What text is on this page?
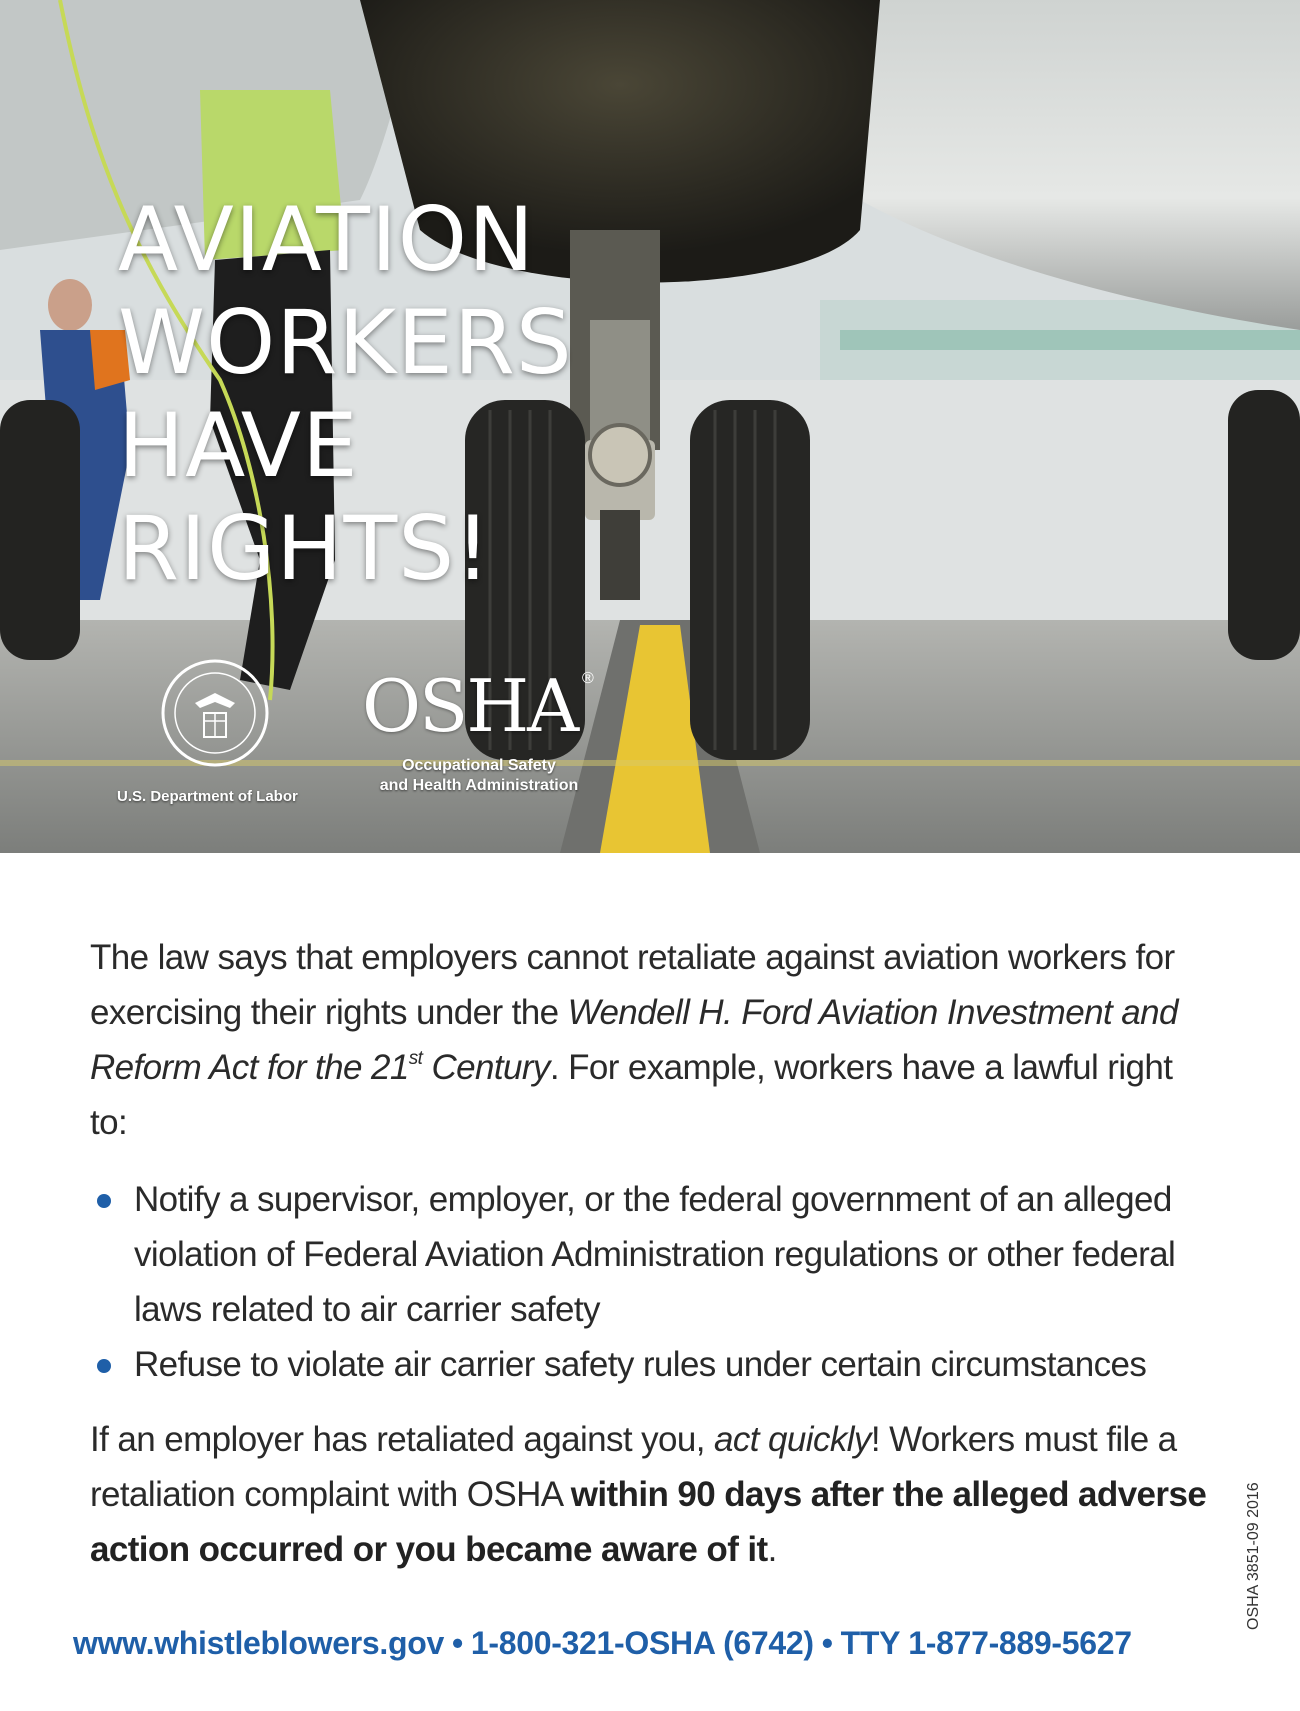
AVIATION
WORKERS
HAVE
RIGHTS!
U.S. Department of Labor
OSHA ®
Occupational Safety
and Health Administration

The law says that employers cannot retaliate against aviation workers for exercising their rights under the Wendell H. Ford Aviation Investment and Reform Act for the 21st Century. For example, workers have a lawful right to:

Notify a supervisor, employer, or the federal government of an alleged violation of Federal Aviation Administration regulations or other federal laws related to air carrier safety
Refuse to violate air carrier safety rules under certain circumstances

If an employer has retaliated against you, act quickly! Workers must file a retaliation complaint with OSHA within 90 days after the alleged adverse action occurred or you became aware of it.

www.whistleblowers.gov • 1-800-321-OSHA (6742) • TTY 1-877-889-5627
OSHA 3851-09 2016
